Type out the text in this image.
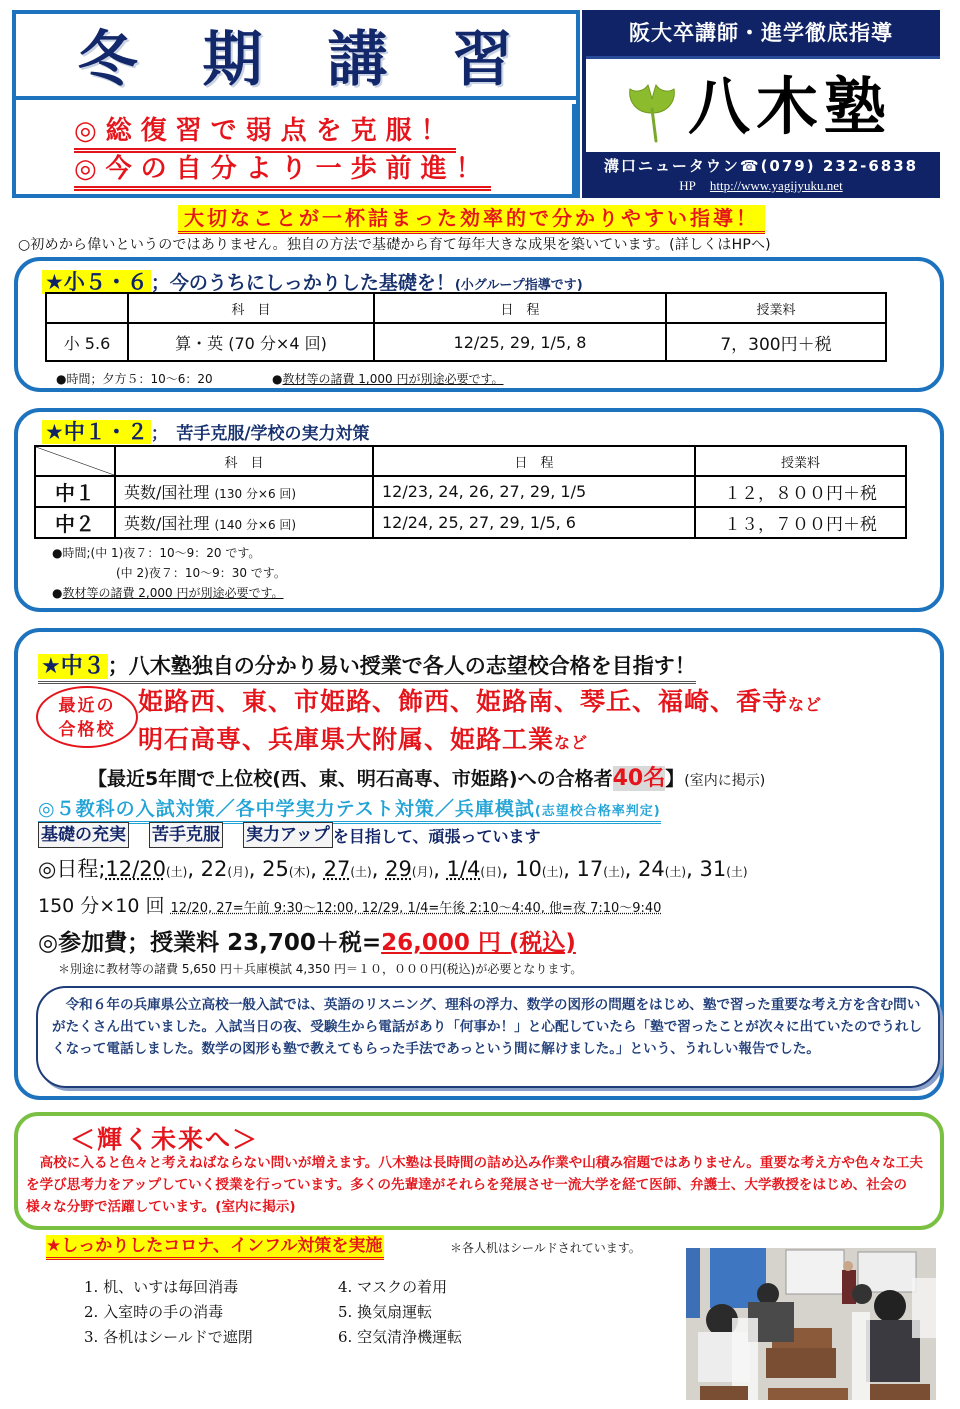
冬 期 講 習
◎総復習で弱点を克服！
◎今の自分より一歩前進！
阪大卒講師・進学徹底指導
八木塾
溝口ニュータウン☎(079) 232-6838
HP http://www.yagijyuku.net
大切なことが一杯詰まった効率的で分かりやすい指導！
○初めから偉いというのではありません。独自の方法で基礎から育て毎年大きな成果を築いています。(詳しくはHPへ)
★小５・６ ；今のうちにしっかりした基礎を！(小グループ指導です)
	科　目	日　程	授業料
小 5.6	算・英 (70 分×4 回)	12/25, 29, 1/5, 8	7，300円＋税
●時間；夕方５：10～6：20	●教材等の諸費 1,000 円が別途必要です。
★中１・２ ；　苦手克服/学校の実力対策
	科　目	日　程	授業料
中１	英数/国社理 (130 分×6 回)	12/23, 24, 26, 27, 29, 1/5	１２，８００円＋税
中２	英数/国社理 (140 分×6 回)	12/24, 25, 27, 29, 1/5, 6	１３，７００円＋税
●時間;(中 1)夜７：10～9：20 です。
(中 2)夜７：10～9：30 です。
●教材等の諸費 2,000 円が別途必要です。
★中３ ；八木塾独自の分かり易い授業で各人の志望校合格を目指す！
最近の
合格校
姫路西、東、市姫路、飾西、姫路南、琴丘、福崎、香寺など
明石高専、兵庫県大附属、姫路工業など
【最近5年間で上位校(西、東、明石高専、市姫路)への合格者40名】(室内に掲示)
◎５教科の入試対策／各中学実力テスト対策／兵庫模試(志望校合格率判定)
基礎の充実 苦手克服 実力アップ を目指して、頑張っています
◎日程;12/20(土), 22(月), 25(木), 27(土), 29(月), 1/4(日), 10(土), 17(土), 24(土), 31(土)
150 分×10 回 12/20, 27=午前 9:30～12:00, 12/29, 1/4=午後 2:10～4:40, 他=夜 7:10～9:40
◎参加費；授業料 23,700＋税=26,000 円 (税込)
＊別途に教材等の諸費 5,650 円＋兵庫模試 4,350 円＝１０，０００円(税込)が必要となります。
令和６年の兵庫県公立高校一般入試では、英語のリスニング、理科の浮力、数学の図形の問題をはじめ、塾で習った重要な考え方を含む問いがたくさん出ていました。入試当日の夜、受験生から電話があり「何事か！」と心配していたら「塾で習ったことが次々に出ていたのでうれしくなって電話しました。数学の図形も塾で教えてもらった手法であっという間に解けました。」という、うれしい報告でした。
＜輝く未来へ＞
高校に入ると色々と考えねばならない問いが増えます。八木塾は長時間の詰め込み作業や山積み宿題ではありません。重要な考え方や色々な工夫を学び思考力をアップしていく授業を行っています。多くの先輩達がそれらを発展させ一流大学を経て医師、弁護士、大学教授をはじめ、社会の様々な分野で活躍しています。(室内に掲示)
★しっかりしたコロナ、インフル対策を実施	＊各人机はシールドされています。
1. 机、いすは毎回消毒
2. 入室時の手の消毒
3. 各机はシールドで遮閉
4. マスクの着用
5. 換気扇運転
6. 空気清浄機運転
